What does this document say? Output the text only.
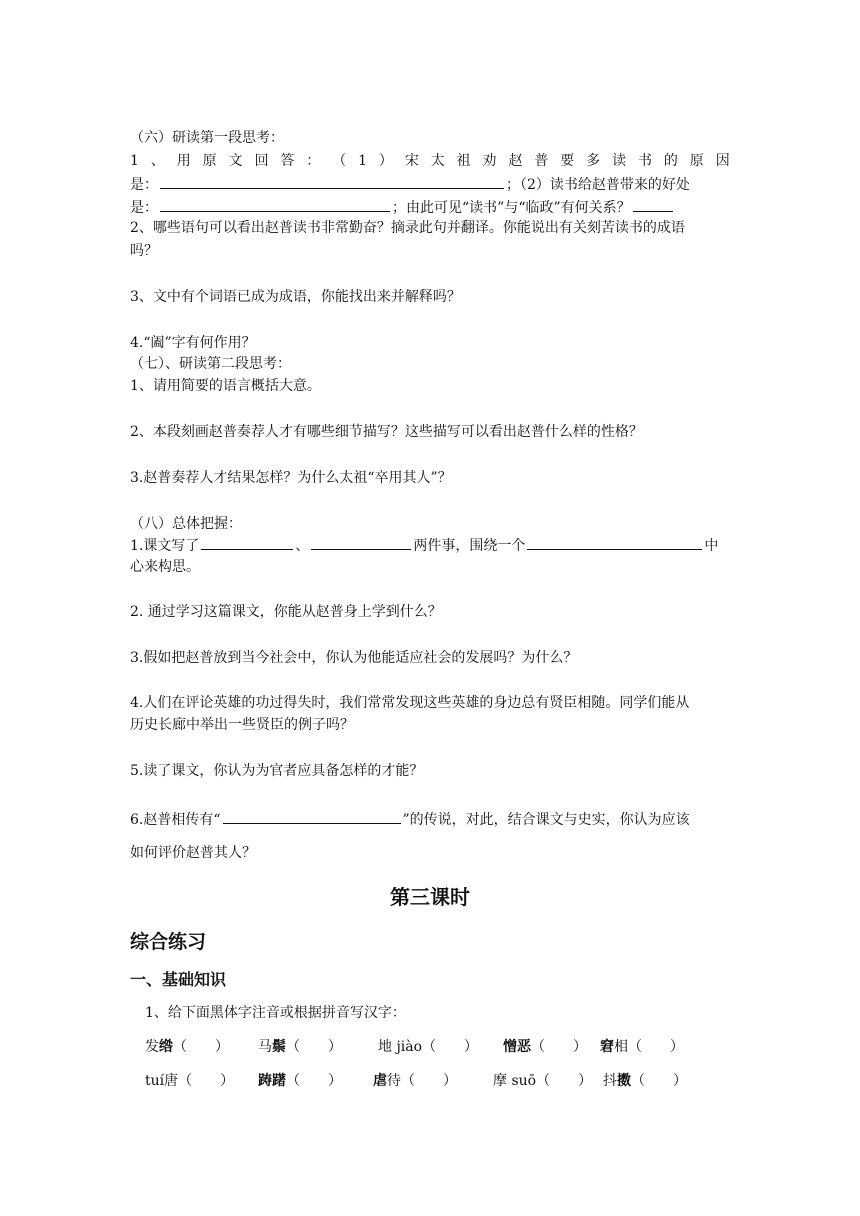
（六）研读第一段思考：
1 、 用 原 文 回 答 ： （ 1 ） 宋 太 祖 劝 赵 普 要 多 读 书 的 原 因
是：	；（2）读书给赵普带来的好处
是：	；由此可见“读书”与“临政”有何关系？
2、哪些语句可以看出赵普读书非常勤奋？摘录此句并翻译。你能说出有关刻苦读书的成语
吗？
3、文中有个词语已成为成语，你能找出来并解释吗？
4.“阖”字有何作用？
（七）、研读第二段思考：
1、请用简要的语言概括大意。
2、本段刻画赵普奏荐人才有哪些细节描写？这些描写可以看出赵普什么样的性格？
3.赵普奏荐人才结果怎样？为什么太祖“卒用其人”？
（八）总体把握：
1.课文写了	、	两件事，围绕一个	中
心来构思。
2. 通过学习这篇课文，你能从赵普身上学到什么？
3.假如把赵普放到当今社会中，你认为他能适应社会的发展吗？为什么？
4.人们在评论英雄的功过得失时，我们常常发现这些英雄的身边总有贤臣相随。同学们能从
历史长廊中举出一些贤臣的例子吗？
5.读了课文，你认为为官者应具备怎样的才能？
6.赵普相传有“	”的传说，对此，结合课文与史实，你认为应该
如何评价赵普其人？
第三课时
综合练习
一、基础知识
1、给下面黑体字注音或根据拼音写汉字：
发绺（　　） 马鬃（　　）	地 jiào（　　） 憎恶（　　） 窘相（　　）
tuí唐（　　） 踌躇（　　） 虐待（　　）	摩 suō（　　） 抖擞（　　）
